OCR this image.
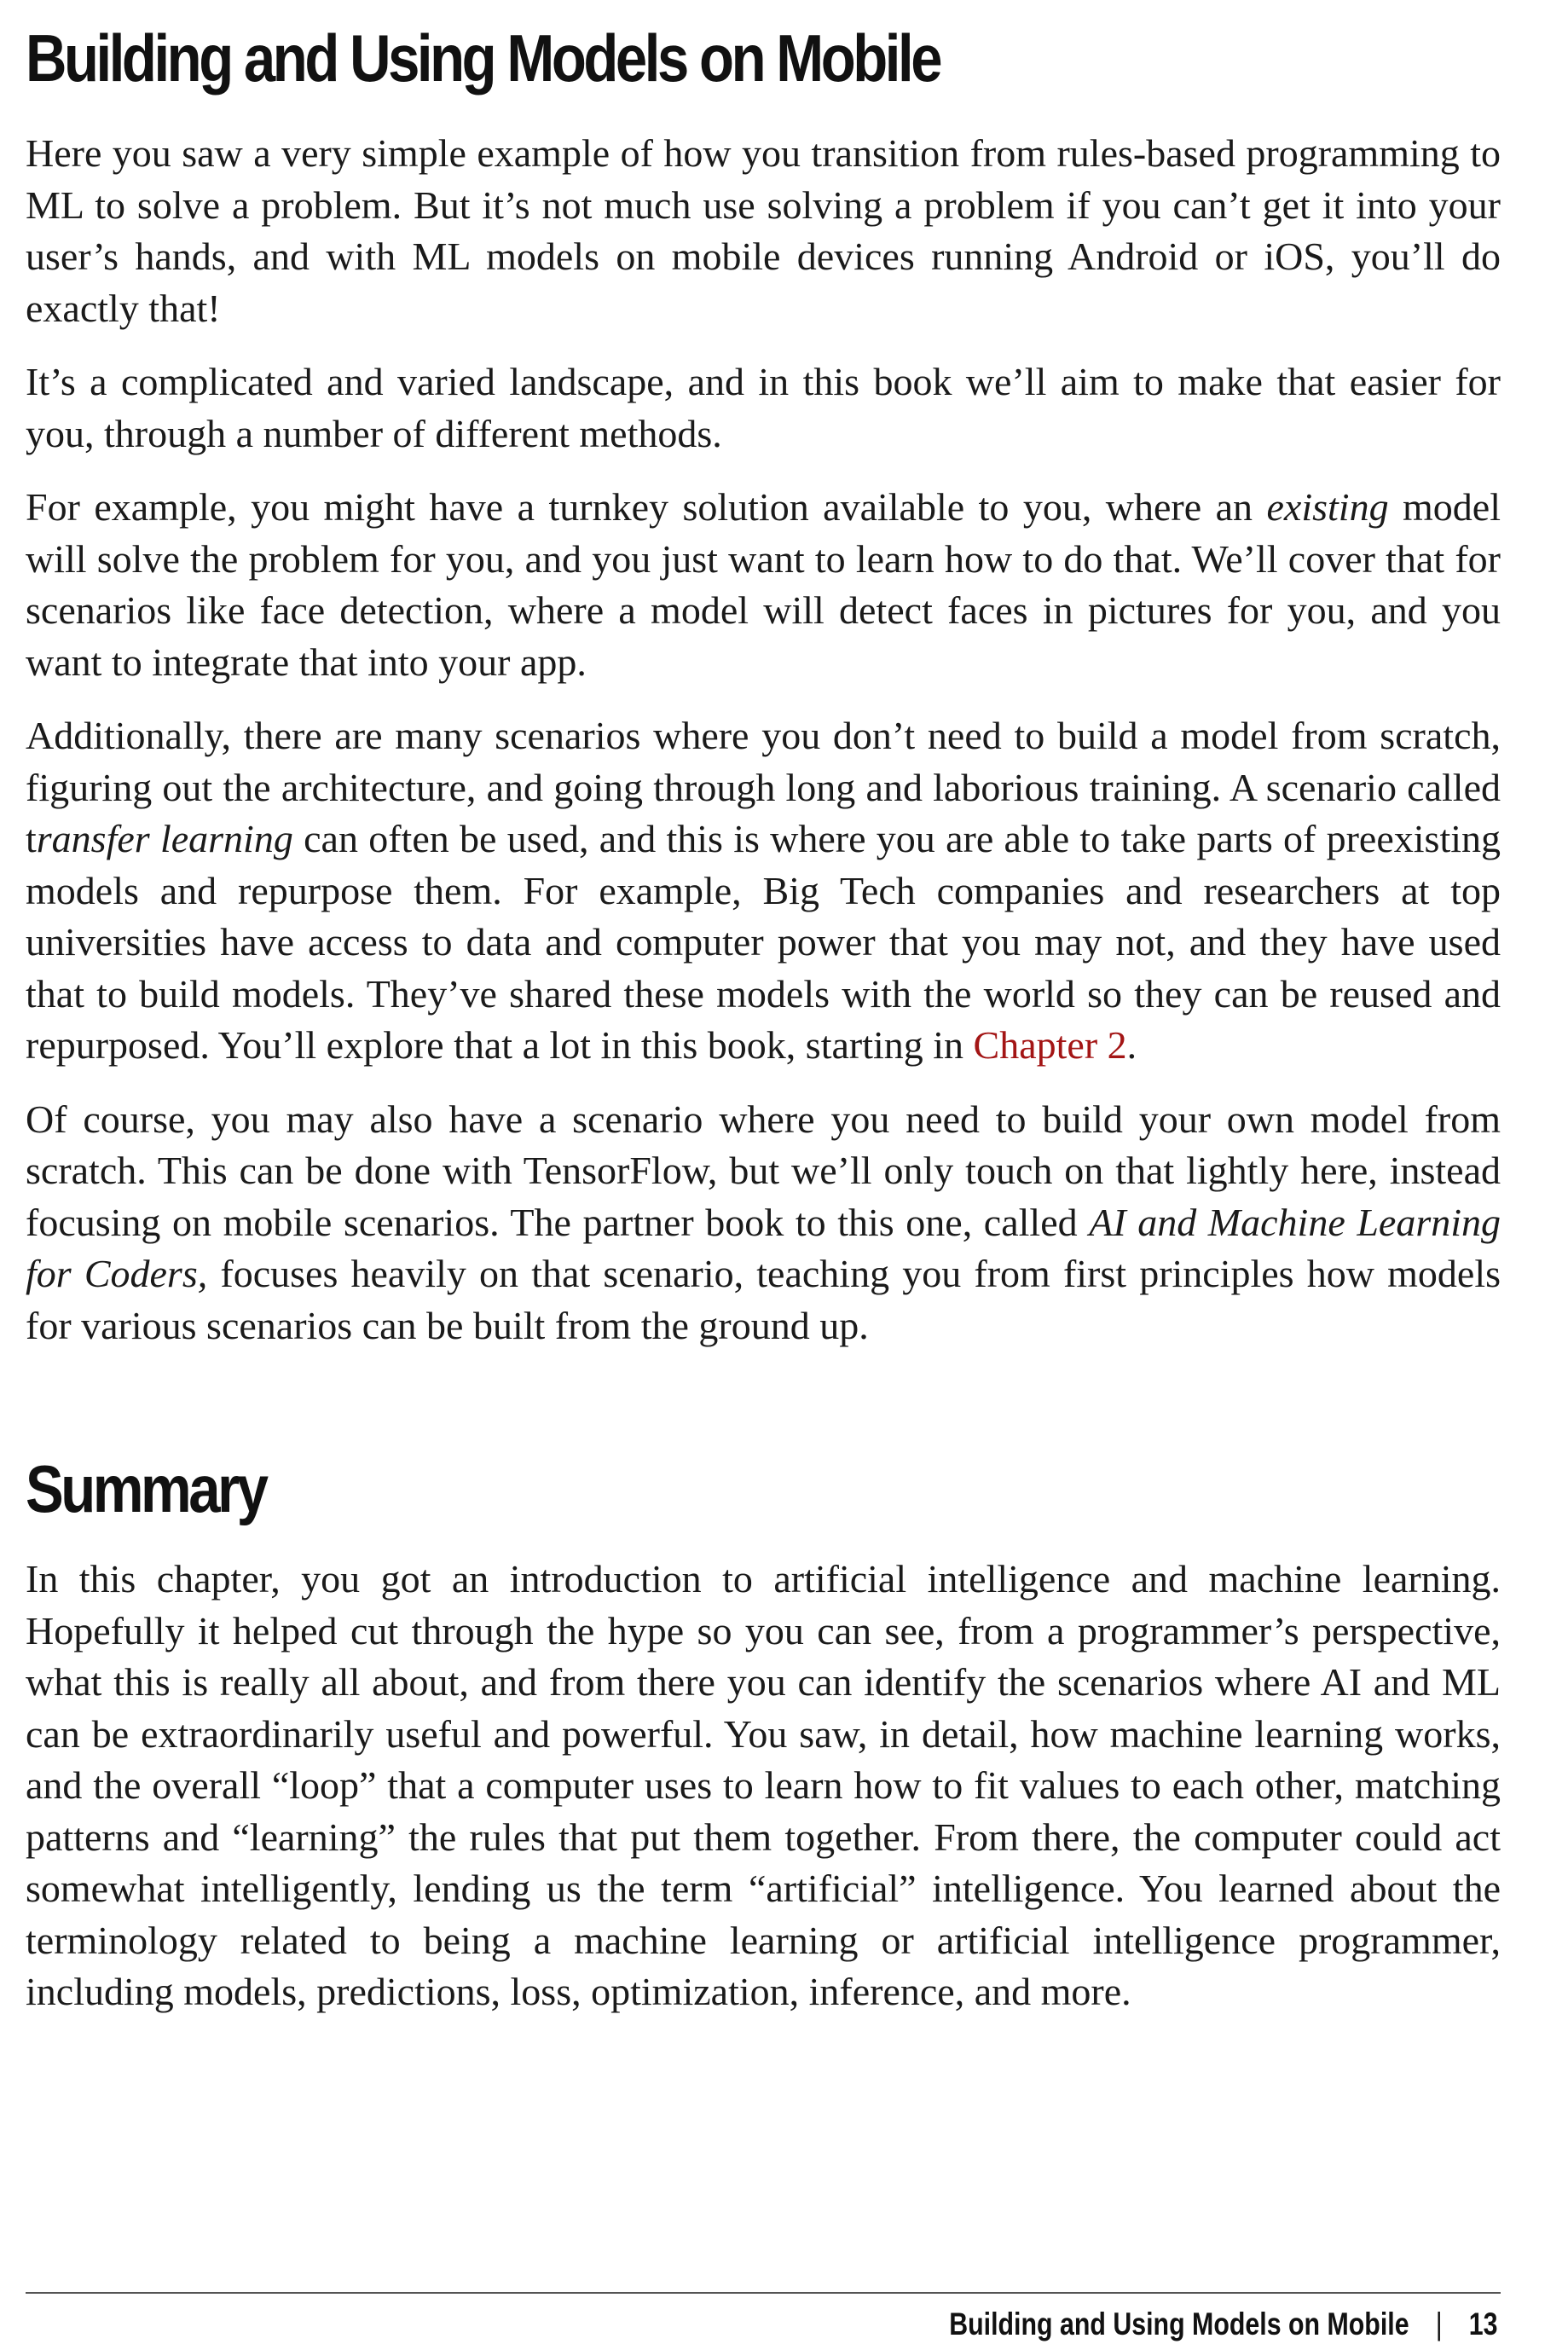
Building and Using Models on Mobile

Here you saw a very simple example of how you transition from rules-based programming to ML to solve a problem. But it’s not much use solving a problem if you can’t get it into your user’s hands, and with ML models on mobile devices running Android or iOS, you’ll do exactly that!

It’s a complicated and varied landscape, and in this book we’ll aim to make that easier for you, through a number of different methods.

For example, you might have a turnkey solution available to you, where an existing model will solve the problem for you, and you just want to learn how to do that. We’ll cover that for scenarios like face detection, where a model will detect faces in pictures for you, and you want to integrate that into your app.

Additionally, there are many scenarios where you don’t need to build a model from scratch, figuring out the architecture, and going through long and laborious training. A scenario called transfer learning can often be used, and this is where you are able to take parts of preexisting models and repurpose them. For example, Big Tech companies and researchers at top universities have access to data and computer power that you may not, and they have used that to build models. They’ve shared these models with the world so they can be reused and repurposed. You’ll explore that a lot in this book, starting in Chapter 2.

Of course, you may also have a scenario where you need to build your own model from scratch. This can be done with TensorFlow, but we’ll only touch on that lightly here, instead focusing on mobile scenarios. The partner book to this one, called AI and Machine Learning for Coders, focuses heavily on that scenario, teaching you from first principles how models for various scenarios can be built from the ground up.

Summary

In this chapter, you got an introduction to artificial intelligence and machine learning. Hopefully it helped cut through the hype so you can see, from a programmer’s perspective, what this is really all about, and from there you can identify the scenarios where AI and ML can be extraordinarily useful and powerful. You saw, in detail, how machine learning works, and the overall “loop” that a computer uses to learn how to fit values to each other, matching patterns and “learning” the rules that put them together. From there, the computer could act somewhat intelligently, lending us the term “artificial” intelligence. You learned about the terminology related to being a machine learning or artificial intelligence programmer, including models, predictions, loss, optimization, inference, and more.

Building and Using Models on Mobile | 13
